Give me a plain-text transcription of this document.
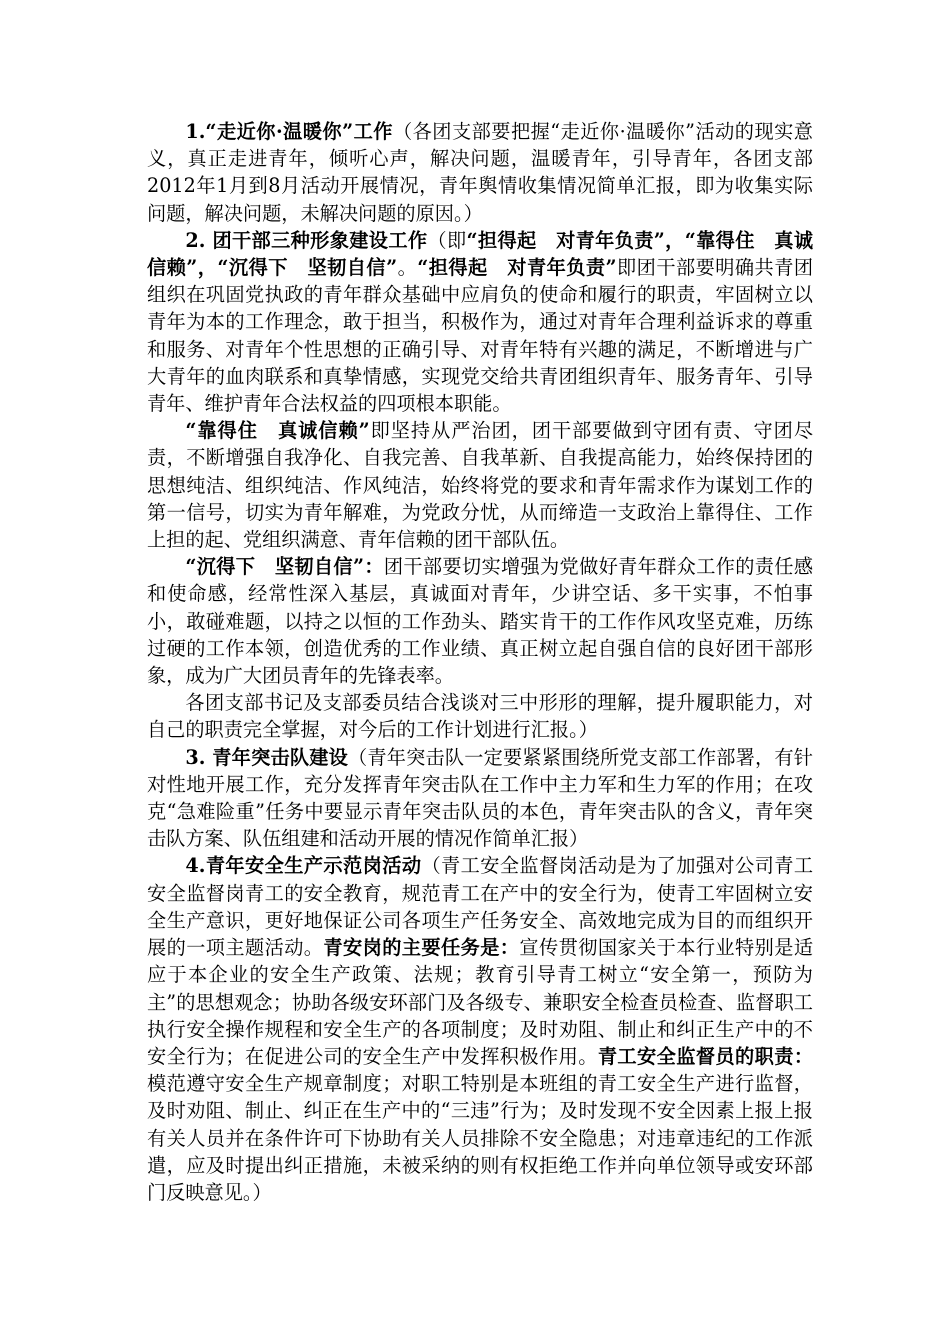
1.“走近你·温暖你”工作（各团支部要把握“走近你·温暖你”活动的现实意义，真正走进青年，倾听心声，解决问题，温暖青年，引导青年，各团支部2012年1月到8月活动开展情况，青年舆情收集情况简单汇报，即为收集实际问题，解决问题，未解决问题的原因。）

2. 团干部三种形象建设工作（即“担得起　对青年负责”，“靠得住　真诚信赖”，“沉得下　坚韧自信”。“担得起　对青年负责”即团干部要明确共青团组织在巩固党执政的青年群众基础中应肩负的使命和履行的职责，牢固树立以青年为本的工作理念，敢于担当，积极作为，通过对青年合理利益诉求的尊重和服务、对青年个性思想的正确引导、对青年特有兴趣的满足，不断增进与广大青年的血肉联系和真挚情感，实现党交给共青团组织青年、服务青年、引导青年、维护青年合法权益的四项根本职能。

“靠得住　真诚信赖”即坚持从严治团，团干部要做到守团有责、守团尽责，不断增强自我净化、自我完善、自我革新、自我提高能力，始终保持团的思想纯洁、组织纯洁、作风纯洁，始终将党的要求和青年需求作为谋划工作的第一信号，切实为青年解难，为党政分忧，从而缔造一支政治上靠得住、工作上担的起、党组织满意、青年信赖的团干部队伍。

“沉得下　坚韧自信”：团干部要切实增强为党做好青年群众工作的责任感和使命感，经常性深入基层，真诚面对青年，少讲空话、多干实事，不怕事小，敢碰难题，以持之以恒的工作劲头、踏实肯干的工作作风攻坚克难，历练过硬的工作本领，创造优秀的工作业绩、真正树立起自强自信的良好团干部形象，成为广大团员青年的先锋表率。

各团支部书记及支部委员结合浅谈对三中形形的理解，提升履职能力，对自己的职责完全掌握，对今后的工作计划进行汇报。）

3. 青年突击队建设（青年突击队一定要紧紧围绕所党支部工作部署，有针对性地开展工作，充分发挥青年突击队在工作中主力军和生力军的作用；在攻克“急难险重”任务中要显示青年突击队员的本色，青年突击队的含义，青年突击队方案、队伍组建和活动开展的情况作简单汇报）

4.青年安全生产示范岗活动（青工安全监督岗活动是为了加强对公司青工安全监督岗青工的安全教育，规范青工在产中的安全行为，使青工牢固树立安全生产意识，更好地保证公司各项生产任务安全、高效地完成为目的而组织开展的一项主题活动。青安岗的主要任务是：宣传贯彻国家关于本行业特别是适应于本企业的安全生产政策、法规；教育引导青工树立“安全第一，预防为主”的思想观念；协助各级安环部门及各级专、兼职安全检查员检查、监督职工执行安全操作规程和安全生产的各项制度；及时劝阻、制止和纠正生产中的不安全行为；在促进公司的安全生产中发挥积极作用。青工安全监督员的职责：模范遵守安全生产规章制度；对职工特别是本班组的青工安全生产进行监督，及时劝阻、制止、纠正在生产中的“三违”行为；及时发现不安全因素上报上报有关人员并在条件许可下协助有关人员排除不安全隐患；对违章违纪的工作派遣，应及时提出纠正措施，未被采纳的则有权拒绝工作并向单位领导或安环部门反映意见。）
